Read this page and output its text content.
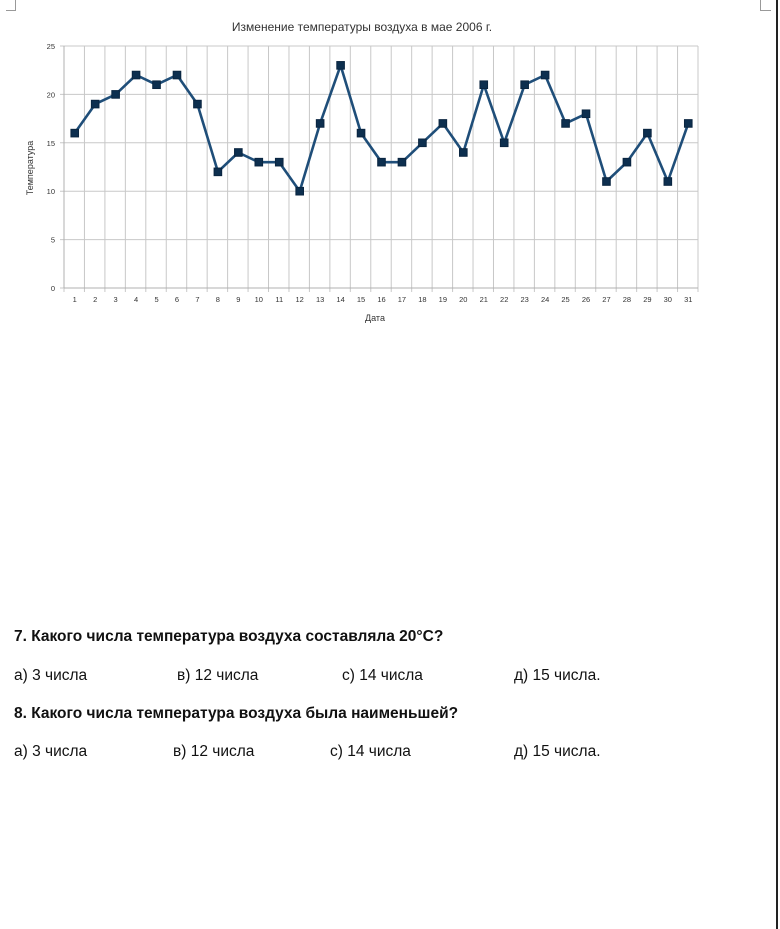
0
5
10
15
20
25
1 2 3 4 5 6 7 8 9 10 11 12 13 14 15 16 17 18 19 20 21 22 23 24 25 26 27 28 29 30 31
Изменение температуры воздуха в мае 2006 г.
Дата
Температура
7. Какого числа температура воздуха составляла 20°С?
а) 3 числа	в) 12 числа	с) 14 числа	д) 15 числа.
8. Какого числа температура воздуха была наименьшей?
а) 3 числа	в) 12 числа	с) 14 числа	д) 15 числа.
